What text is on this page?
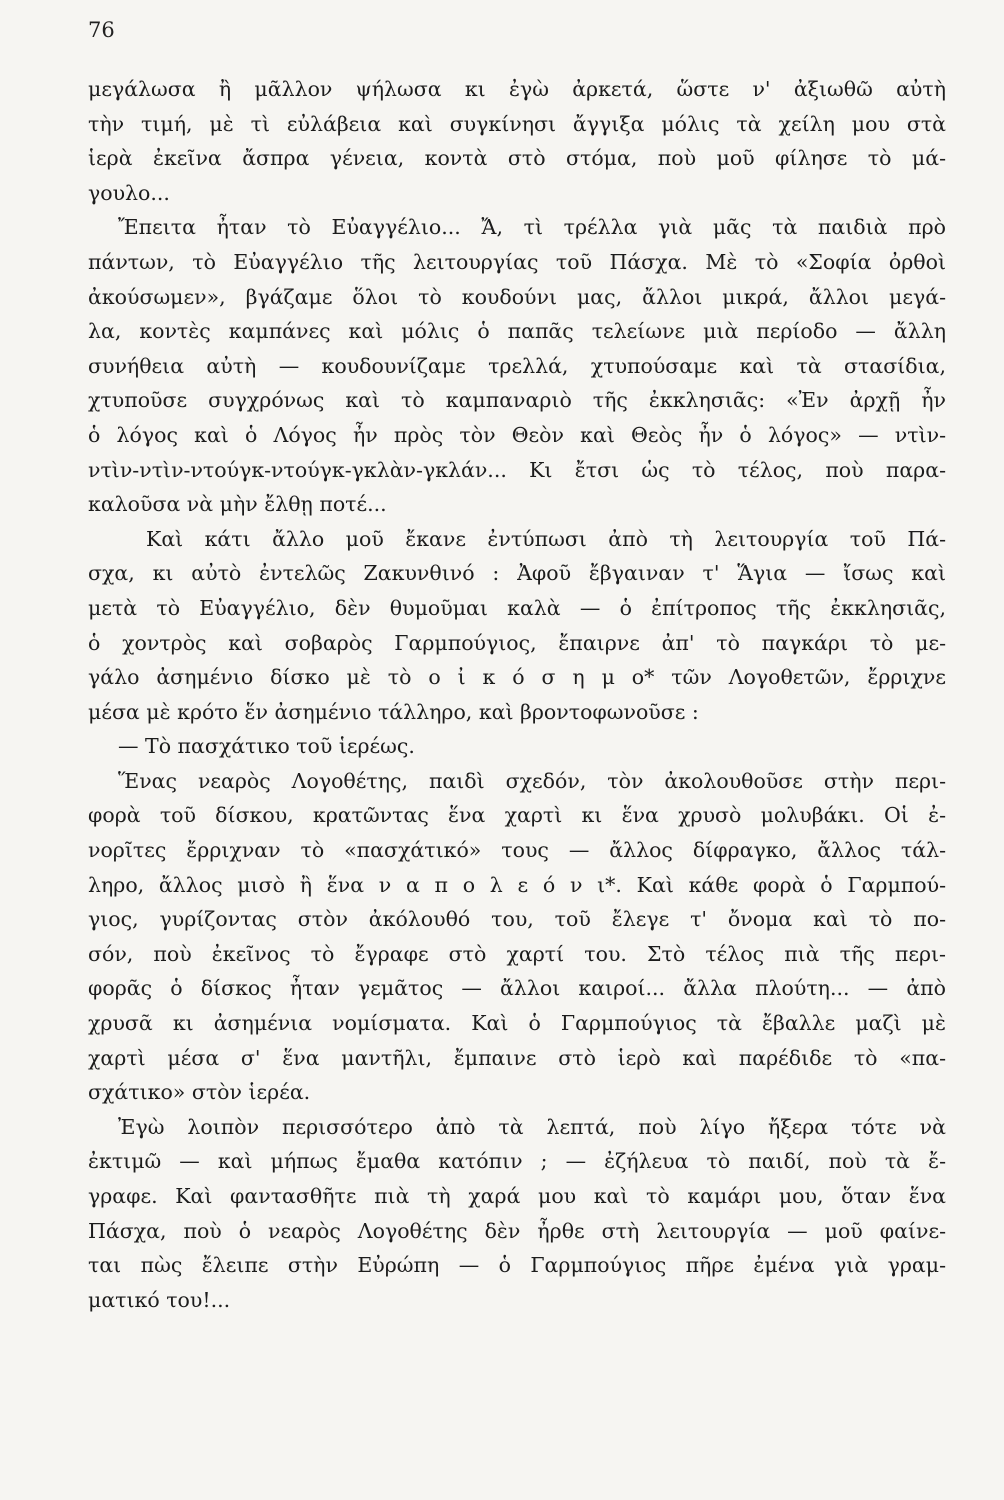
76
μεγάλωσα ἢ μᾶλλον ψήλωσα κι ἐγὼ ἀρκετά, ὥστε ν' ἀξιωθῶ αὐτὴ
τὴν τιμή, μὲ τὶ εὐλάβεια καὶ συγκίνησι ἄγγιξα μόλις τὰ χείλη μου στὰ
ἱερὰ ἐκεῖνα ἄσπρα γένεια, κοντὰ στὸ στόμα, ποὺ μοῦ φίλησε τὸ μά-
γουλο...
Ἔπειτα ἦταν τὸ Εὐαγγέλιο... Ἄ, τὶ τρέλλα γιὰ μᾶς τὰ παιδιὰ πρὸ
πάντων, τὸ Εὐαγγέλιο τῆς λειτουργίας τοῦ Πάσχα. Μὲ τὸ «Σοφία ὀρθοὶ
ἀκούσωμεν», βγάζαμε ὅλοι τὸ κουδούνι μας, ἄλλοι μικρά, ἄλλοι μεγά-
λα, κοντὲς καμπάνες καὶ μόλις ὁ παπᾶς τελείωνε μιὰ περίοδο — ἄλλη
συνήθεια αὐτὴ — κουδουνίζαμε τρελλά, χτυπούσαμε καὶ τὰ στασίδια,
χτυποῦσε συγχρόνως καὶ τὸ καμπαναριὸ τῆς ἐκκλησιᾶς: «Ἐν ἀρχῇ ἦν
ὁ λόγος καὶ ὁ Λόγος ἦν πρὸς τὸν Θεὸν καὶ Θεὸς ἦν ὁ λόγος» — ντὶν-
ντὶν-ντὶν-ντούγκ-ντούγκ-γκλὰν-γκλάν... Κι ἔτσι ὡς τὸ τέλος, ποὺ παρα-
καλοῦσα νὰ μὴν ἔλθῃ ποτέ...
Καὶ κάτι ἄλλο μοῦ ἔκανε ἐντύπωσι ἀπὸ τὴ λειτουργία τοῦ Πά-
σχα, κι αὐτὸ ἐντελῶς Ζακυνθινό : Ἀφοῦ ἔβγαιναν τ' Ἅγια — ἴσως καὶ
μετὰ τὸ Εὐαγγέλιο, δὲν θυμοῦμαι καλὰ — ὁ ἐπίτροπος τῆς ἐκκλησιᾶς,
ὁ χοντρὸς καὶ σοβαρὸς Γαρμπούγιος, ἔπαιρνε ἀπ' τὸ παγκάρι τὸ με-
γάλο ἀσημένιο δίσκο μὲ τὸ ο ἰ κ ό σ η μ ο* τῶν Λογοθετῶν, ἔρριχνε
μέσα μὲ κρότο ἕν ἀσημένιο τάλληρο, καὶ βροντοφωνοῦσε :
— Τὸ πασχάτικο τοῦ ἱερέως.
Ἕνας νεαρὸς Λογοθέτης, παιδὶ σχεδόν, τὸν ἀκολουθοῦσε στὴν περι-
φορὰ τοῦ δίσκου, κρατῶντας ἕνα χαρτὶ κι ἕνα χρυσὸ μολυβάκι. Οἱ ἐ-
νορῖτες ἔρριχναν τὸ «πασχάτικό» τους — ἄλλος δίφραγκο, ἄλλος τάλ-
ληρο, ἄλλος μισὸ ἢ ἕνα ν α π ο λ ε ό ν ι*. Καὶ κάθε φορὰ ὁ Γαρμπού-
γιος, γυρίζοντας στὸν ἀκόλουθό του, τοῦ ἔλεγε τ' ὄνομα καὶ τὸ πο-
σόν, ποὺ ἐκεῖνος τὸ ἔγραφε στὸ χαρτί του. Στὸ τέλος πιὰ τῆς περι-
φορᾶς ὁ δίσκος ἦταν γεμᾶτος — ἄλλοι καιροί... ἄλλα πλούτη... — ἀπὸ
χρυσᾶ κι ἀσημένια νομίσματα. Καὶ ὁ Γαρμπούγιος τὰ ἔβαλλε μαζὶ μὲ
χαρτὶ μέσα σ' ἕνα μαντῆλι, ἔμπαινε στὸ ἱερὸ καὶ παρέδιδε τὸ «πα-
σχάτικο» στὸν ἱερέα.
Ἐγὼ λοιπὸν περισσότερο ἀπὸ τὰ λεπτά, ποὺ λίγο ἤξερα τότε νὰ
ἐκτιμῶ — καὶ μήπως ἔμαθα κατόπιν ; — ἐζήλευα τὸ παιδί, ποὺ τὰ ἔ-
γραφε. Καὶ φαντασθῆτε πιὰ τὴ χαρά μου καὶ τὸ καμάρι μου, ὅταν ἕνα
Πάσχα, ποὺ ὁ νεαρὸς Λογοθέτης δὲν ἦρθε στὴ λειτουργία — μοῦ φαίνε-
ται πὼς ἔλειπε στὴν Εὐρώπη — ὁ Γαρμπούγιος πῆρε ἐμένα γιὰ γραμ-
ματικό του!...
